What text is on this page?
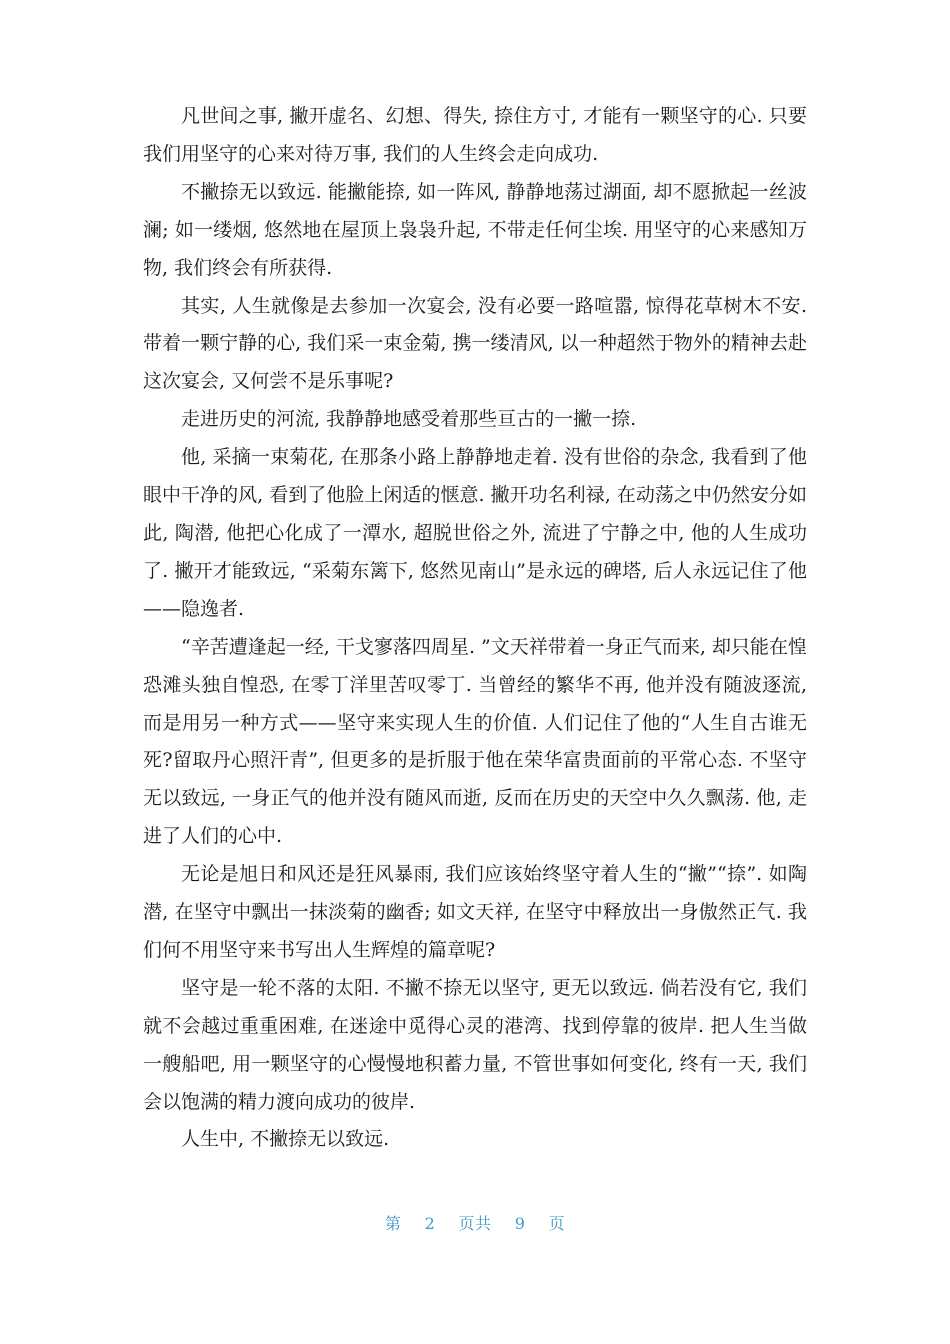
凡世间之事, 撇开虚名、幻想、得失, 捺住方寸, 才能有一颗坚守的心. 只要我们用坚守的心来对待万事, 我们的人生终会走向成功.

不撇捺无以致远. 能撇能捺, 如一阵风, 静静地荡过湖面, 却不愿掀起一丝波澜; 如一缕烟, 悠然地在屋顶上袅袅升起, 不带走任何尘埃. 用坚守的心来感知万物, 我们终会有所获得.

其实, 人生就像是去参加一次宴会, 没有必要一路喧嚣, 惊得花草树木不安. 带着一颗宁静的心, 我们采一束金菊, 携一缕清风, 以一种超然于物外的精神去赴这次宴会, 又何尝不是乐事呢?

走进历史的河流, 我静静地感受着那些亘古的一撇一捺.

他, 采摘一束菊花, 在那条小路上静静地走着. 没有世俗的杂念, 我看到了他眼中干净的风, 看到了他脸上闲适的惬意. 撇开功名利禄, 在动荡之中仍然安分如此, 陶潜, 他把心化成了一潭水, 超脱世俗之外, 流进了宁静之中, 他的人生成功了. 撇开才能致远, “采菊东篱下, 悠然见南山”是永远的碑塔, 后人永远记住了他——隐逸者.

“辛苦遭逢起一经, 干戈寥落四周星. ”文天祥带着一身正气而来, 却只能在惶恐滩头独自惶恐, 在零丁洋里苦叹零丁. 当曾经的繁华不再, 他并没有随波逐流, 而是用另一种方式——坚守来实现人生的价值. 人们记住了他的“人生自古谁无死?留取丹心照汗青”, 但更多的是折服于他在荣华富贵面前的平常心态. 不坚守无以致远, 一身正气的他并没有随风而逝, 反而在历史的天空中久久飘荡. 他, 走进了人们的心中.

无论是旭日和风还是狂风暴雨, 我们应该始终坚守着人生的“撇”“捺”. 如陶潜, 在坚守中飘出一抹淡菊的幽香; 如文天祥, 在坚守中释放出一身傲然正气. 我们何不用坚守来书写出人生辉煌的篇章呢?

坚守是一轮不落的太阳. 不撇不捺无以坚守, 更无以致远. 倘若没有它, 我们就不会越过重重困难, 在迷途中觅得心灵的港湾、找到停靠的彼岸. 把人生当做一艘船吧, 用一颗坚守的心慢慢地积蓄力量, 不管世事如何变化, 终有一天, 我们会以饱满的精力渡向成功的彼岸.

人生中, 不撇捺无以致远.

第 2 页共 9 页
